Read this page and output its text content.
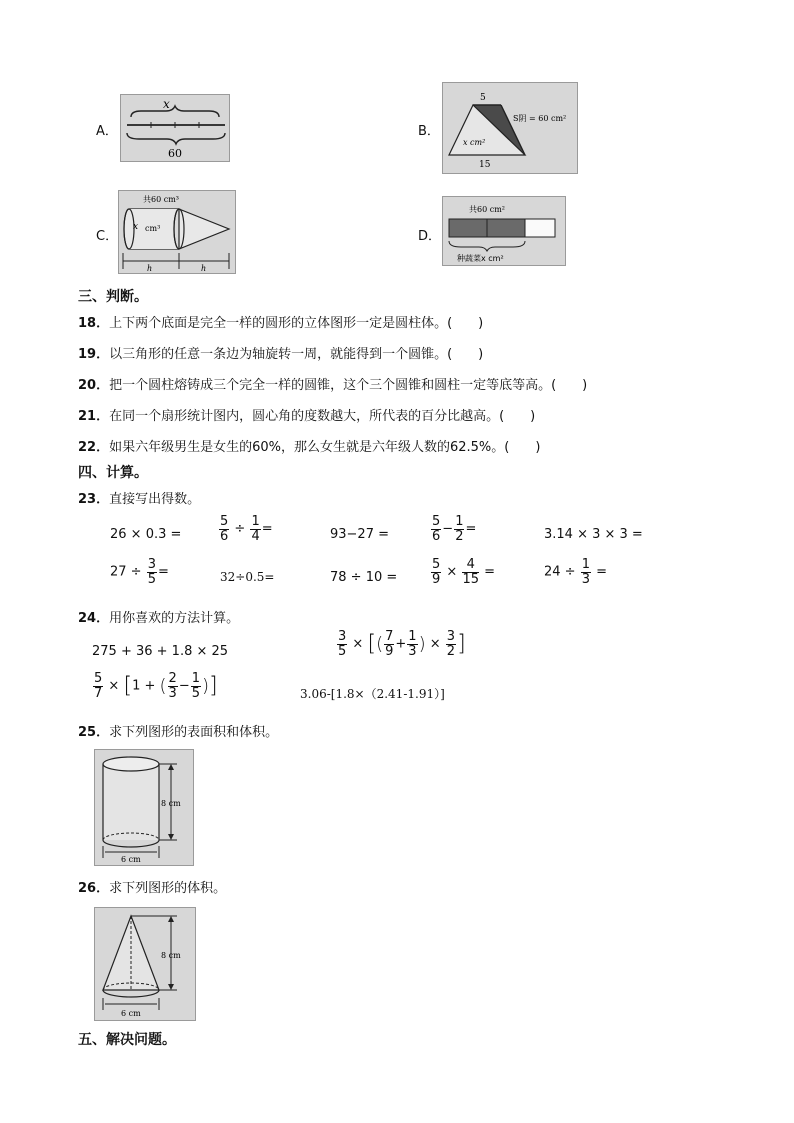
A．
x
60
B．
5
x cm²
S阴 = 60 cm²
15
C．
共60 cm³
x cm³
h	h
D．
共60 cm²
种蔬菜x cm²
三、判断。
18．上下两个底面是完全一样的圆形的立体图形一定是圆柱体。(　　)
19．以三角形的任意一条边为轴旋转一周，就能得到一个圆锥。(　　)
20．把一个圆柱熔铸成三个完全一样的圆锥，这个三个圆锥和圆柱一定等底等高。(　　)
21．在同一个扇形统计图内，圆心角的度数越大，所代表的百分比越高。(　　)
22．如果六年级男生是女生的60%，那么女生就是六年级人数的62.5%。(　　)
四、计算。
23．直接写出得数。
26 × 0.3 =	$\frac{5}{6} \div \frac{1}{4}$ =	93−27 =	$\frac{5}{6} - \frac{1}{2}$ =	3.14 × 3 × 3 =
$27 \div \frac{3}{5}$ =	32÷0.5=	78 ÷ 10 =	$\frac{5}{9} \times \frac{4}{15}$ =	$24 \div \frac{1}{3}$ =
24．用你喜欢的方法计算。
275 + 36 + 1.8 × 25	$\frac{3}{5}$ × [( $\frac{7}{9} + \frac{1}{3}$ ) × $\frac{3}{2}$ ]
$\frac{5}{7} \times [1$ + ( $\frac{2}{3} - \frac{1}{5}$ )]	3.06-[1.8×（2.41-1.91）]
25．求下列图形的表面积和体积。
8 cm
6 cm
26．求下列图形的体积。
8 cm
6 cm
五、解决问题。
